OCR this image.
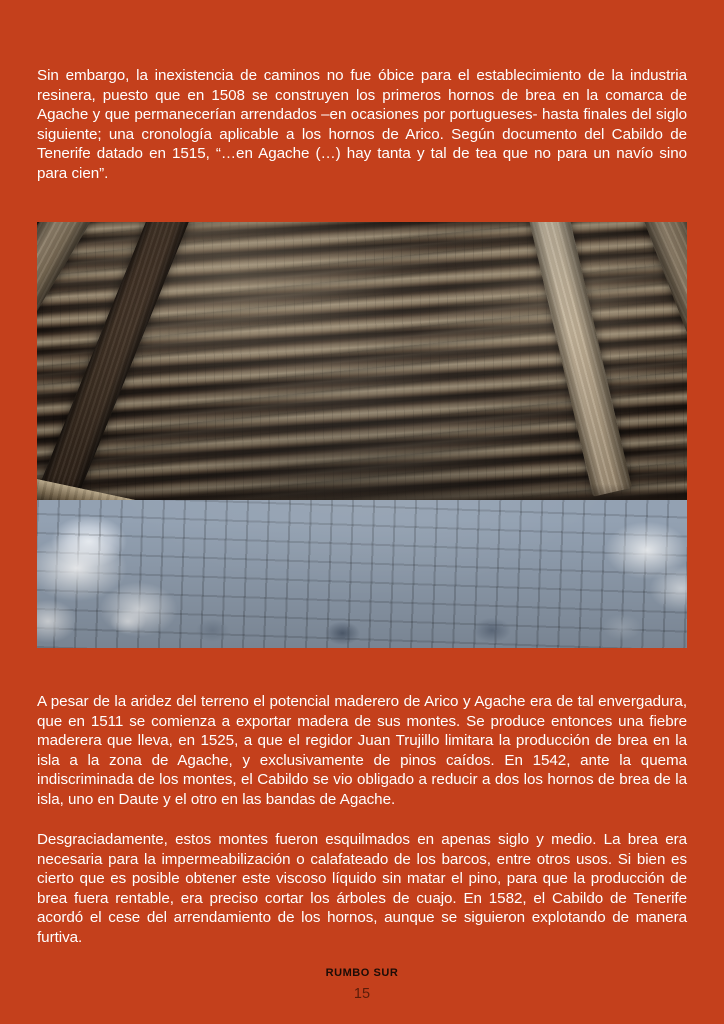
Sin embargo, la inexistencia de caminos no fue óbice para el establecimiento de la industria resinera, puesto que en 1508 se construyen los primeros hornos de brea en la comarca de Agache y que permanecerían arrendados –en ocasiones por portugueses- hasta finales del siglo siguiente; una cronología aplicable a los hornos de Arico. Según documento del Cabildo de Tenerife datado en 1515, “…en Agache (…) hay tanta y tal de tea que no para un navío sino para cien”.

A pesar de la aridez del terreno el potencial maderero de Arico y Agache era de tal envergadura, que en 1511 se comienza a exportar madera de sus montes. Se produce entonces una fiebre maderera que lleva, en 1525, a que el regidor Juan Trujillo limitara la producción de brea en la isla a la zona de Agache, y exclusivamente de pinos caídos. En 1542, ante la quema indiscriminada de los montes, el Cabildo se vio obligado a reducir a dos los hornos de brea de la isla, uno en Daute y el otro en las bandas de Agache.

Desgraciadamente, estos montes fueron esquilmados en apenas siglo y medio. La brea era necesaria para la impermeabilización o calafateado de los barcos, entre otros usos. Si bien es cierto que es posible obtener este viscoso líquido sin matar el pino, para que la producción de brea fuera rentable, era preciso cortar los árboles de cuajo. En 1582, el Cabildo de Tenerife acordó el cese del arrendamiento de los hornos, aunque se siguieron explotando de manera furtiva.

RUMBO SUR
15
